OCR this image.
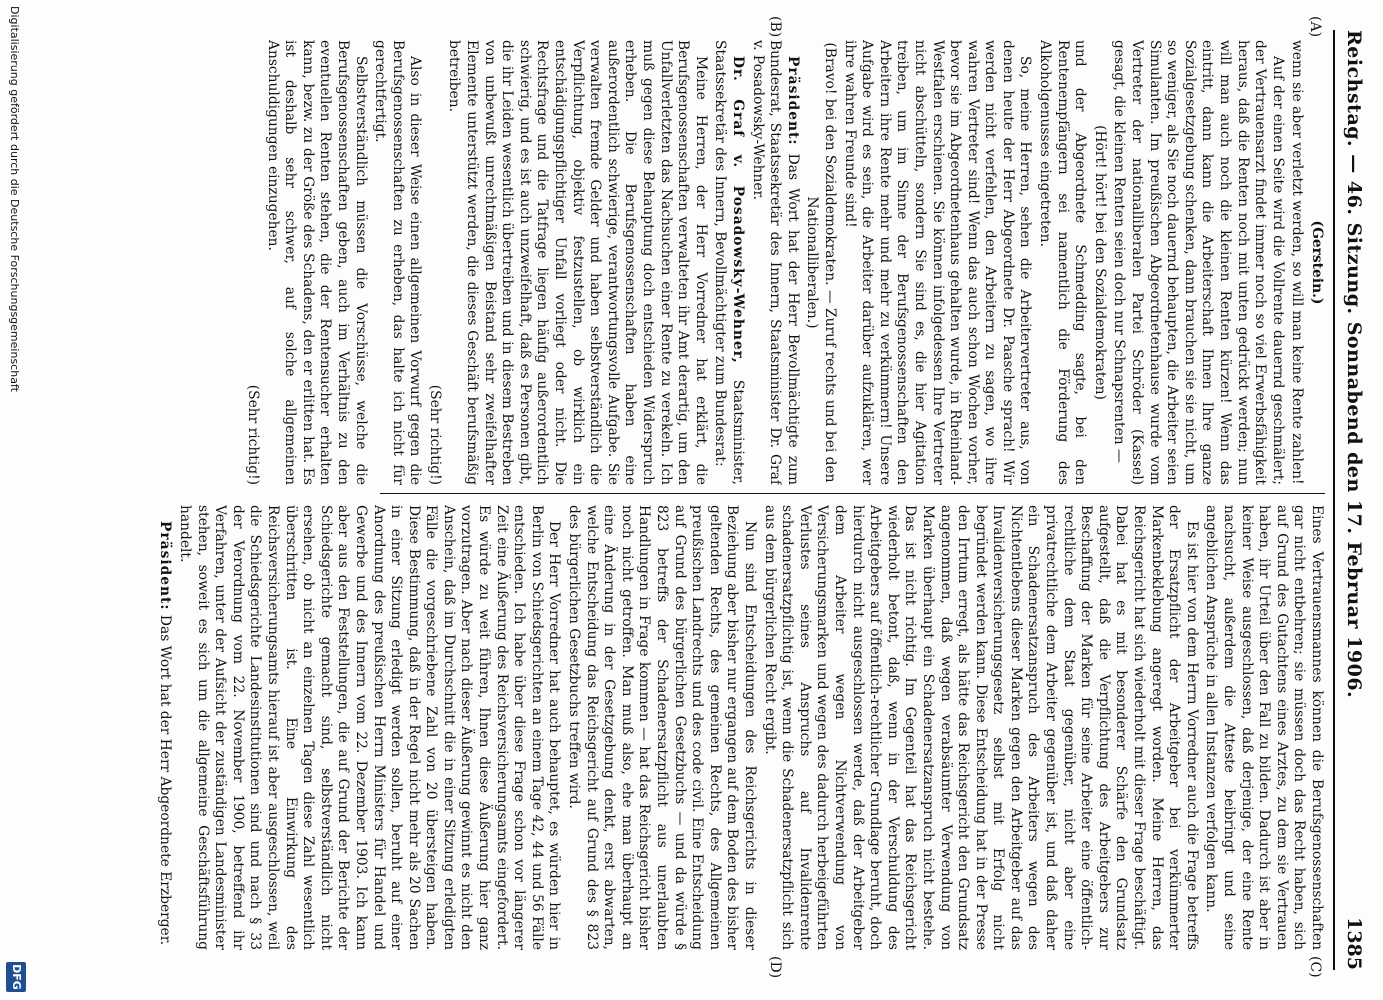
Reichstag. — 46. Sitzung. Sonnabend den 17. Februar 1906.
1385
(A)
(B)
(C)
(D)

(Gerstein.)

wenn sie aber verletzt werden, so will man keine Rente zahlen!

Auf der einen Seite wird die Vollrente dauernd geschmälert; der Vertrauensarzt findet immer noch so viel Erwerbsfähigkeit heraus, daß die Renten noch mit unten gedrückt werden; nun will man auch noch die kleinen Renten kürzen! Wenn das eintritt, dann kann die Arbeiterschaft Ihnen Ihre ganze Sozialgesetzgebung schenken, dann brauchen sie sie nicht, um so weniger, als Sie noch dauernd behaupten, die Arbeiter seien Simulanten. Im preußischen Abgeordnetenhause wurde vom Vertreter der nationalliberalen Partei Schröder (Kassel) gesagt, die kleinen Renten seien doch nur Schnapsrenten —

(Hört! hört! bei den Sozialdemokraten)

und der Abgeordnete Schmedding sagte, bei den Rentenempfängern sei namentlich die Förderung des Alkoholgenusses eingetreten.

So, meine Herren, sehen die Arbeitervertreter aus, von denen heute der Herr Abgeordnete Dr. Paasche sprach! Wir werden nicht verfehlen, den Arbeitern zu sagen, wo ihre wahren Vertreter sind! Wenn das auch schon Wochen vorher, bevor sie im Abgeordnetenhaus gehalten wurde, in Rheinland-Westfalen erschienen. Sie können infolgedessen Ihre Vertreter nicht abschütteln, sondern Sie sind es, die hier Agitation treiben, um im Sinne der Berufsgenossenschaften den Arbeitern ihre Rente mehr und mehr zu verkümmern! Unsere Aufgabe wird es sein, die Arbeiter darüber aufzuklären, wer ihre wahren Freunde sind!

(Bravo! bei den Sozialdemokraten. — Zuruf rechts und bei den Nationalliberalen.)

Präsident: Das Wort hat der Herr Bevollmächtigte zum Bundesrat, Staatssekretär des Innern, Staatsminister Dr. Graf v. Posadowsky-Wehner.

Dr. Graf v. Posadowsky-Wehner, Staatsminister, Staatssekretär des Innern, Bevollmächtigter zum Bundesrat:

Meine Herren, der Herr Vorredner hat erklärt, die Berufsgenossenschaften verwalteten ihr Amt derartig, um den Unfallverletzten das Nachsuchen einer Rente zu verekeln. Ich muß gegen diese Behauptung doch entschieden Widerspruch erheben. Die Berufsgenossenschaften haben eine außerordentlich schwierige, verantwortungsvolle Aufgabe. Sie verwalten fremde Gelder und haben selbstverständlich die Verpflichtung, objektiv festzustellen, ob wirklich ein entschädigungspflichtiger Unfall vorliegt oder nicht. Die Rechtsfrage und die Tatfrage liegen häufig außerordentlich schwierig, und es ist auch unzweifelhaft, daß es Personen gibt, die ihr Leiden wesentlich übertreiben und in diesem Bestreben von unbewußt unrechtmäßigen Beistand sehr zweifelhafter Elemente unterstützt werden, die dieses Geschäft berufsmäßig betreiben.

(Sehr richtig!)

Also in dieser Weise einen allgemeinen Vorwurf gegen die Berufsgenossenschaften zu erheben, das halte ich nicht für gerechtfertigt.

Selbstverständlich müssen die Vorschüsse, welche die Berufsgenossenschaften geben, auch im Verhältnis zu den eventuellen Renten stehen, die der Rentensucher erhalten kann, bezw. zu der Größe des Schadens, den er erlitten hat. Es ist deshalb sehr schwer, auf solche allgemeinen Anschuldigungen einzugehen.

(Sehr richtig!)

Eines Vertrauensmannes können die Berufsgenossenschaften gar nicht entbehren; sie müssen doch das Recht haben, sich auf Grund des Gutachtens eines Arztes, zu dem sie Vertrauen haben, ihr Urteil über den Fall zu bilden. Dadurch ist aber in keiner Weise ausgeschlossen, daß derjenige, der eine Rente nachsucht, außerdem die Atteste beibringt und seine angeblichen Ansprüche in allen Instanzen verfolgen kann.

Es ist hier von dem Herrn Vorredner auch die Frage betreffs der Ersatzpflicht der Arbeitgeber bei verkümmerter Markenbeklebung angeregt worden. Meine Herren, das Reichsgericht hat sich wiederholt mit dieser Frage beschäftigt. Dabei hat es mit besonderer Schärfe den Grundsatz aufgestellt, daß die Verpflichtung des Arbeitgebers zur Beschaffung der Marken für seine Arbeiter eine öffentlich-rechtliche dem Staat gegenüber, nicht aber eine privatrechtliche dem Arbeiter gegenüber ist, und daß daher ein Schadenersatzanspruch des Arbeiters wegen des Nichtentlebens dieser Marken gegen den Arbeitgeber auf das Invalidenversicherungsgesetz selbst mit Erfolg nicht begründet werden kann. Diese Entscheidung hat in der Presse den Irrtum erregt, als hätte das Reichsgericht den Grundsatz angenommen, daß wegen verabsäumter Verwendung von Marken überhaupt ein Schadenersatzanspruch nicht bestehe. Das ist nicht richtig. Im Gegenteil hat das Reichsgericht wiederholt betont, daß, wenn in der Verschuldung des Arbeitgebers auf öffentlich-rechtlicher Grundlage beruht, doch hierdurch nicht ausgeschlossen werde, daß der Arbeitgeber dem Arbeiter wegen Nichtverwendung von Versicherungsmarken und wegen des dadurch herbeigeführten Verlustes seines Anspruchs auf Invalidenrente schadenersatzpflichtig ist, wenn die Schadenersatzpflicht sich aus dem bürgerlichen Recht ergibt.

Nun sind Entscheidungen des Reichsgerichts in dieser Beziehung aber bisher nur ergangen auf dem Boden des bisher geltenden Rechts, des gemeinen Rechts, des Allgemeinen preußischen Landrechts und des code civil. Eine Entscheidung auf Grund des bürgerlichen Gesetzbuchs — und da würde § 823 betreffs der Schadenersatzpflicht aus unerlaubten Handlungen in Frage kommen — hat das Reichsgericht bisher noch nicht getroffen. Man muß also, ehe man überhaupt an eine Änderung in der Gesetzgebung denkt, erst abwarten, welche Entscheidung das Reichsgericht auf Grund des § 823 des bürgerlichen Gesetzbuchs treffen wird.

Der Herr Vorredner hat auch behauptet, es würden hier in Berlin von Schiedsgerichten an einem Tage 42, 44 und 56 Fälle entschieden. Ich habe über diese Frage schon vor längerer Zeit eine Äußerung des Reichsversicherungsamts eingefordert. Es würde zu weit führen, Ihnen diese Äußerung hier ganz vorzutragen. Aber nach dieser Äußerung gewinnt es nicht den Anschein, daß im Durchschnitt die in einer Sitzung erledigten Fälle die vorgeschriebene Zahl von 20 übersteigen haben. Diese Bestimmung, daß in der Regel nicht mehr als 20 Sachen in einer Sitzung erledigt werden sollen, beruht auf einer Anordnung des preußischen Herrn Ministers für Handel und Gewerbe und des Innern vom 22. Dezember 1903. Ich kann aber aus den Feststellungen, die auf Grund der Berichte der Schiedsgerichte gemacht sind, selbstverständlich nicht ersehen, ob nicht an einzelnen Tagen diese Zahl wesentlich überschritten ist. Eine Einwirkung des Reichsversicherungsamts hierauf ist aber ausgeschlossen, weil die Schiedsgerichte Landesinstitutionen sind und nach § 33 der Verordnung vom 22. November 1900, betreffend ihr Verfahren, unter der Aufsicht der zuständigen Landesminister stehen, soweit es sich um die allgemeine Geschäftsführung handelt.

Präsident: Das Wort hat der Herr Abgeordnete Erzberger.

Digitalisierung gefördert durch die Deutsche Forschungsgemeinschaft
DFG
